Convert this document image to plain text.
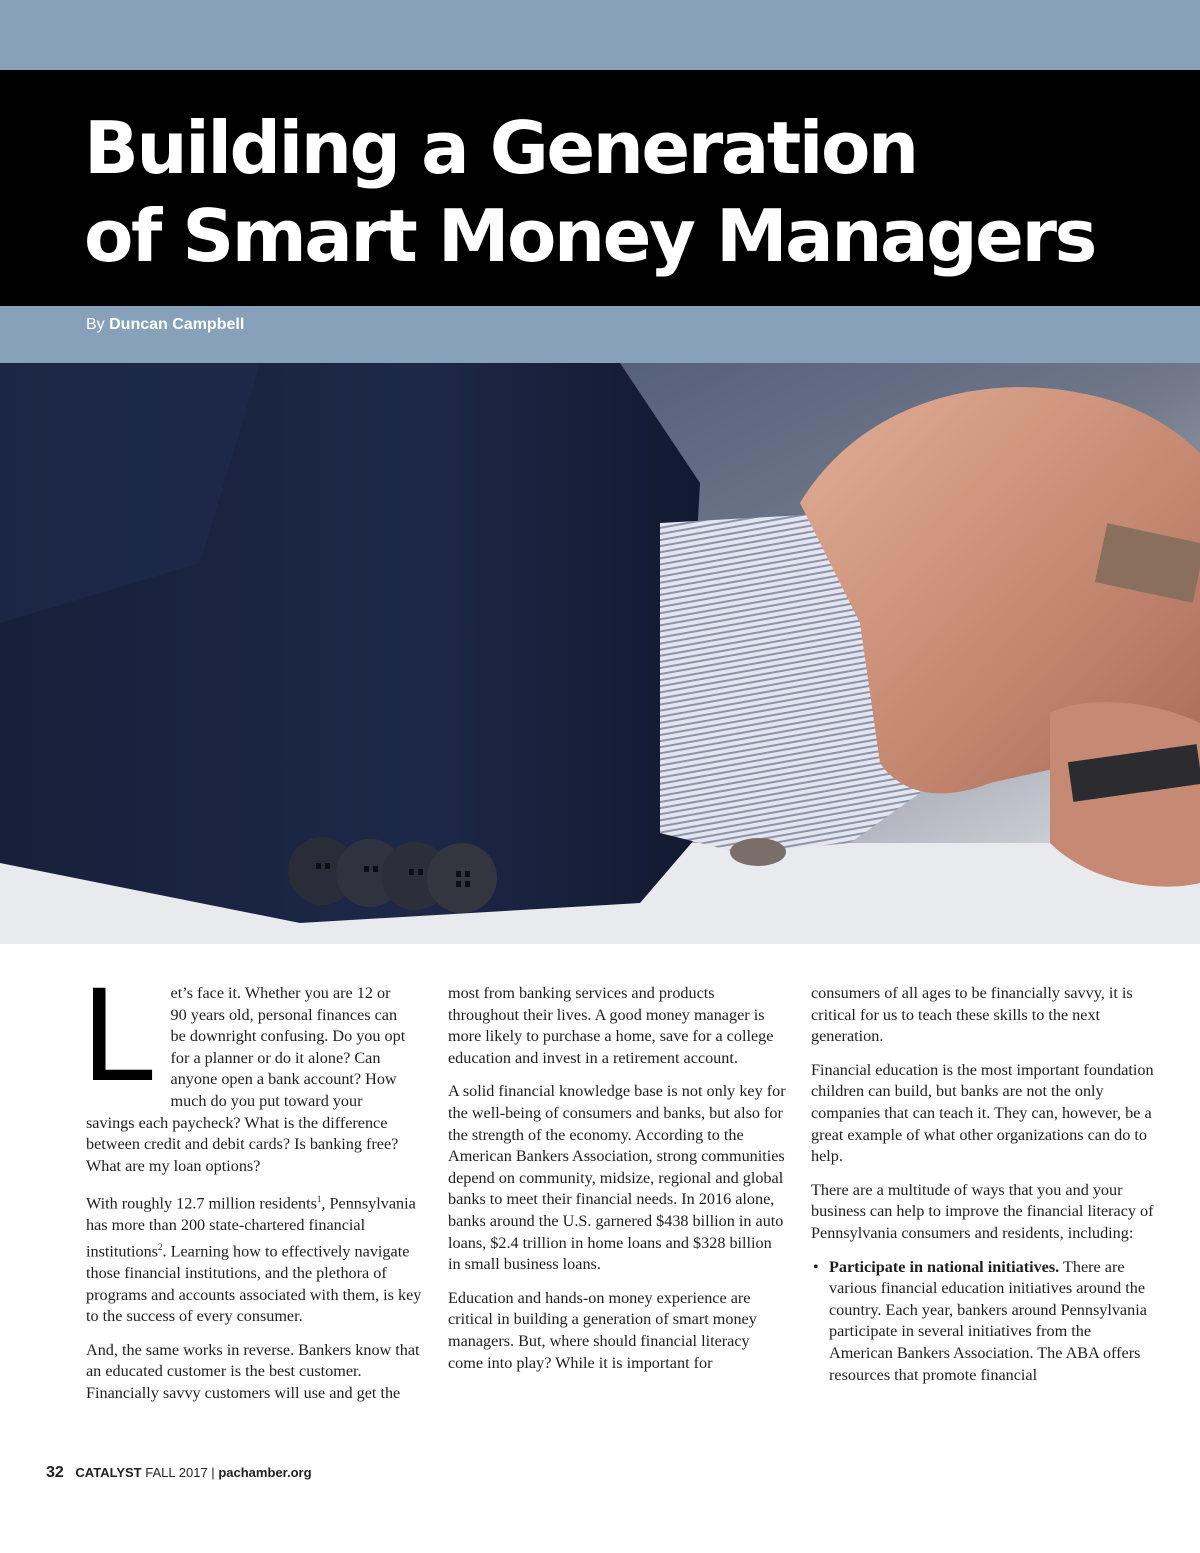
Building a Generation
of Smart Money Managers
By Duncan Campbell

L et’s face it. Whether you are 12 or
90 years old, personal finances can
be downright confusing. Do you opt
for a planner or do it alone? Can
anyone open a bank account? How
much do you put toward your
savings each paycheck? What is the difference between credit and debit cards? Is banking free? What are my loan options?

With roughly 12.7 million residents$^1$, Pennsylvania has more than 200 state-chartered financial institutions$^2$. Learning how to effectively navigate those financial institutions, and the plethora of programs and accounts associated with them, is key to the success of every consumer.

And, the same works in reverse. Bankers know that an educated customer is the best customer. Financially savvy customers will use and get the

most from banking services and products throughout their lives. A good money manager is more likely to purchase a home, save for a college education and invest in a retirement account.

A solid financial knowledge base is not only key for the well-being of consumers and banks, but also for the strength of the economy. According to the American Bankers Association, strong communities depend on community, midsize, regional and global banks to meet their financial needs. In 2016 alone, banks around the U.S. garnered $438 billion in auto loans, $2.4 trillion in home loans and $328 billion in small business loans.

Education and hands-on money experience are critical in building a generation of smart money managers. But, where should financial literacy come into play? While it is important for

consumers of all ages to be financially savvy, it is critical for us to teach these skills to the next generation.

Financial education is the most important foundation children can build, but banks are not the only companies that can teach it. They can, however, be a great example of what other organizations can do to help.

There are a multitude of ways that you and your business can help to improve the financial literacy of Pennsylvania consumers and residents, including:

• Participate in national initiatives. There are various financial education initiatives around the country. Each year, bankers around Pennsylvania participate in several initiatives from the American Bankers Association. The ABA offers resources that promote financial
32 CATALYST FALL 2017 | pachamber.org
